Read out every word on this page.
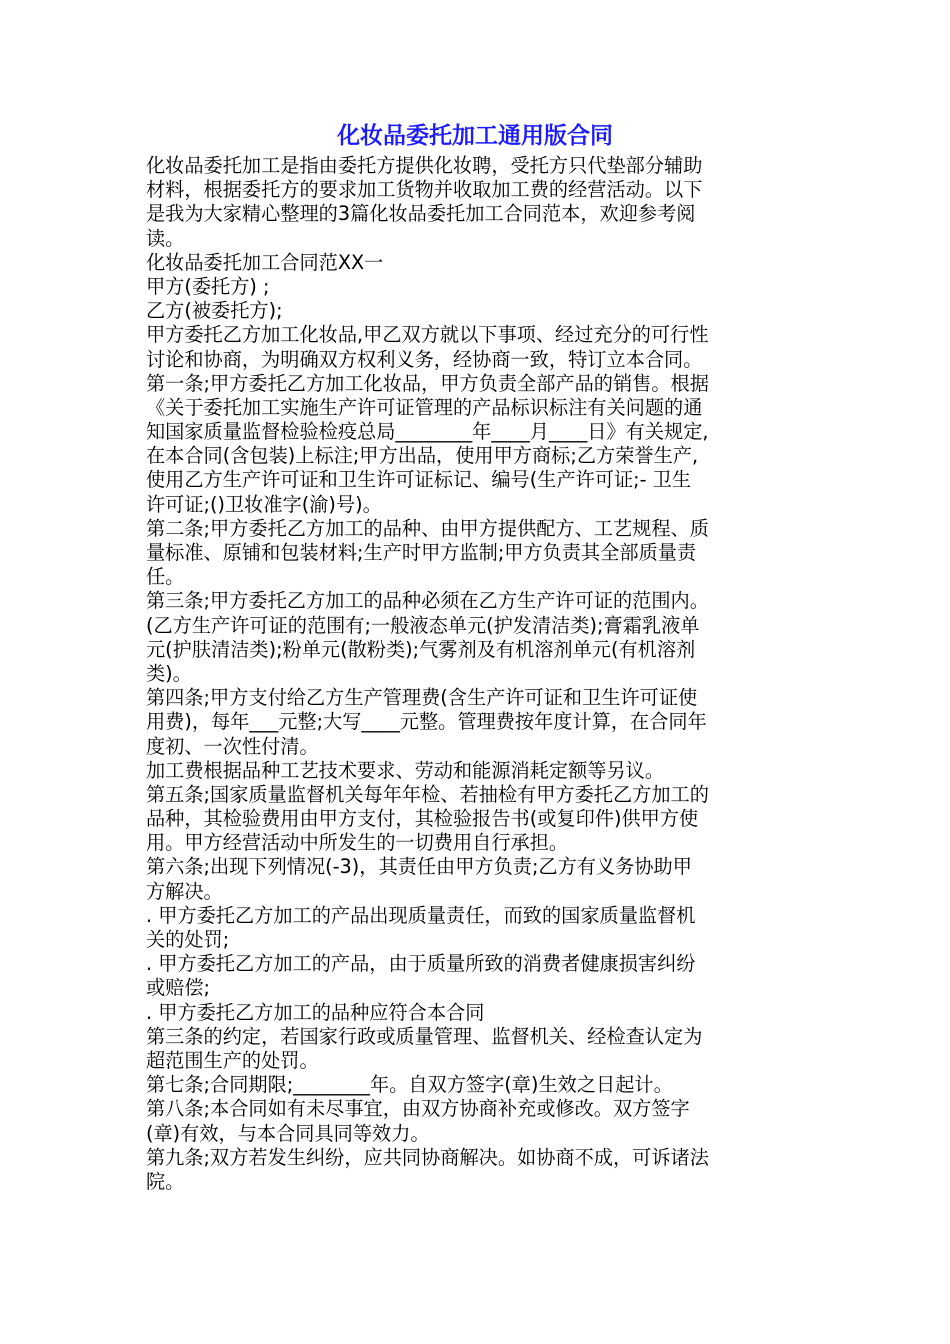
化妆品委托加工通用版合同
化妆品委托加工是指由委托方提供化妆聘，受托方只代垫部分辅助
材料，根据委托方的要求加工货物并收取加工费的经营活动。以下
是我为大家精心整理的3篇化妆品委托加工合同范本，欢迎参考阅
读。
化妆品委托加工合同范XX一
甲方(委托方) ;
乙方(被委托方);
甲方委托乙方加工化妆品,甲乙双方就以下事项、经过充分的可行性
讨论和协商，为明确双方权利义务，经协商一致，特订立本合同。
第一条;甲方委托乙方加工化妆品，甲方负责全部产品的销售。根据
《关于委托加工实施生产许可证管理的产品标识标注有关问题的通
知国家质量监督检验检疫总局________年____月____日》有关规定,
在本合同(含包装)上标注;甲方出品，使用甲方商标;乙方荣誉生产,
使用乙方生产许可证和卫生许可证标记、编号(生产许可证;- 卫生
许可证;()卫妆准字(渝)号)。
第二条;甲方委托乙方加工的品种、由甲方提供配方、工艺规程、质
量标准、原铺和包装材料;生产时甲方监制;甲方负责其全部质量责
任。
第三条;甲方委托乙方加工的品种必须在乙方生产许可证的范围内。
(乙方生产许可证的范围有;一般液态单元(护发清洁类);膏霜乳液单
元(护肤清洁类);粉单元(散粉类);气雾剂及有机溶剂单元(有机溶剂
类)。
第四条;甲方支付给乙方生产管理费(含生产许可证和卫生许可证使
用费)，每年___元整;大写____元整。管理费按年度计算，在合同年
度初、一次性付清。
加工费根据品种工艺技术要求、劳动和能源消耗定额等另议。
第五条;国家质量监督机关每年年检、若抽检有甲方委托乙方加工的
品种，其检验费用由甲方支付，其检验报告书(或复印件)供甲方使
用。甲方经营活动中所发生的一切费用自行承担。
第六条;出现下列情况(-3)，其责任由甲方负责;乙方有义务协助甲
方解决。
. 甲方委托乙方加工的产品出现质量责任，而致的国家质量监督机
关的处罚;
. 甲方委托乙方加工的产品，由于质量所致的消费者健康损害纠纷
或赔偿;
. 甲方委托乙方加工的品种应符合本合同
第三条的约定，若国家行政或质量管理、监督机关、经检查认定为
超范围生产的处罚。
第七条;合同期限;________年。自双方签字(章)生效之日起计。
第八条;本合同如有未尽事宜，由双方协商补充或修改。双方签字
(章)有效，与本合同具同等效力。
第九条;双方若发生纠纷，应共同协商解决。如协商不成，可诉诸法
院。
